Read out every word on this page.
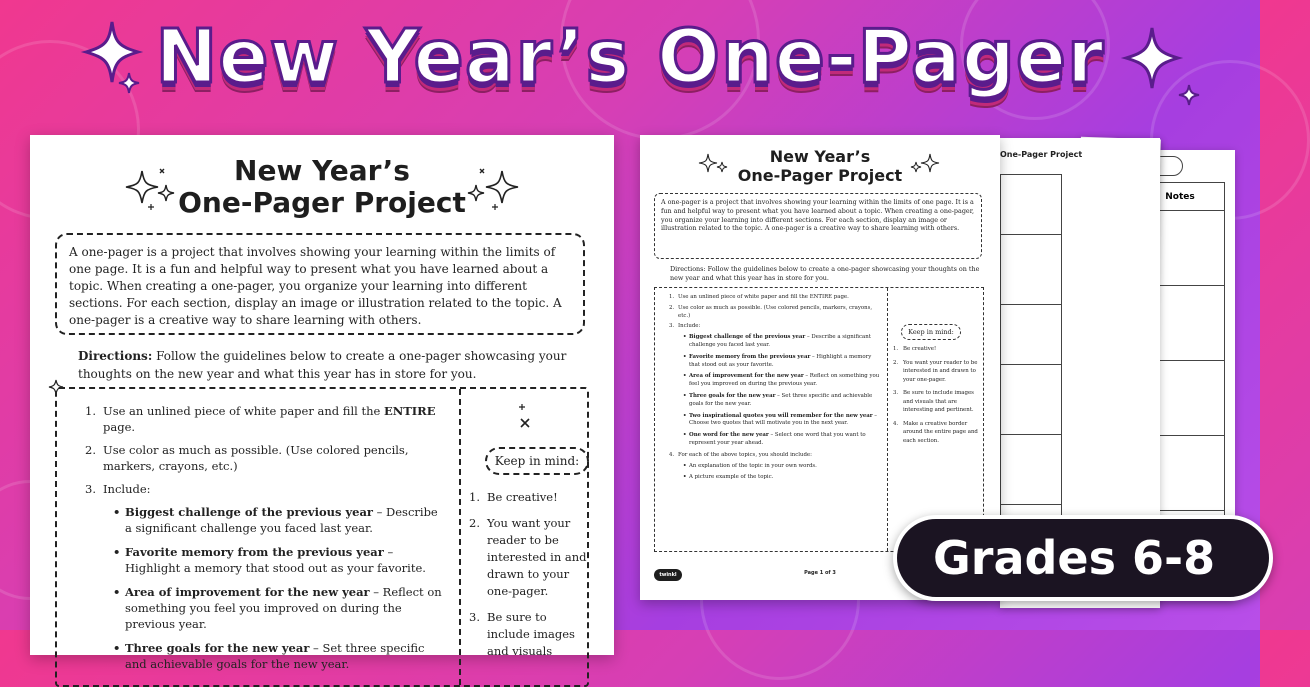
New Year’s One-Pager
New Year’s
One-Pager Project
A one-pager is a project that involves showing your learning within the limits of one page. It is a fun and helpful way to present what you have learned about a topic. When creating a one-pager, you organize your learning into different sections. For each section, display an image or illustration related to the topic. A one-pager is a creative way to share learning with others.
Directions: Follow the guidelines below to create a one-pager showcasing your thoughts on the new year and what this year has in store for you.
1. Use an unlined piece of white paper and fill the ENTIRE page.
2. Use color as much as possible. (Use colored pencils, markers, crayons, etc.)
3. Include:
• Biggest challenge of the previous year – Describe a significant challenge you faced last year.
• Favorite memory from the previous year – Highlight a memory that stood out as your favorite.
• Area of improvement for the new year – Reflect on something you feel you improved on during the previous year.
• Three goals for the new year – Set three specific and achievable goals for the new year.
Keep in mind:
1. Be creative!
2. You want your reader to be interested in and drawn to your one-pager.
3. Be sure to include images and visuals
Notes
One-Pager Project
New Year’s
One-Pager Project
A one-pager is a project that involves showing your learning within the limits of one page. It is a fun and helpful way to present what you have learned about a topic. When creating a one-pager, you organize your learning into different sections. For each section, display an image or illustration related to the topic. A one-pager is a creative way to share learning with others.
Directions: Follow the guidelines below to create a one-pager showcasing your thoughts on the new year and what this year has in store for you.
1. Use an unlined piece of white paper and fill the ENTIRE page.
2. Use color as much as possible. (Use colored pencils, markers, crayons, etc.)
3. Include:
• Biggest challenge of the previous year – Describe a significant challenge you faced last year.
• Favorite memory from the previous year – Highlight a memory that stood out as your favorite.
• Area of improvement for the new year – Reflect on something you feel you improved on during the previous year.
• Three goals for the new year – Set three specific and achievable goals for the new year.
• Two inspirational quotes you will remember for the new year – Choose two quotes that will motivate you in the next year.
• One word for the new year – Select one word that you want to represent your year ahead.
4. For each of the above topics, you should include:
• An explanation of the topic in your own words.
• A picture example of the topic.
Keep in mind:
1. Be creative!
2. You want your reader to be interested in and drawn to your one-pager.
3. Be sure to include images and visuals that are interesting and pertinent.
4. Make a creative border around the entire page and each section.
twinkl	Page 1 of 3	Grades 6-8
